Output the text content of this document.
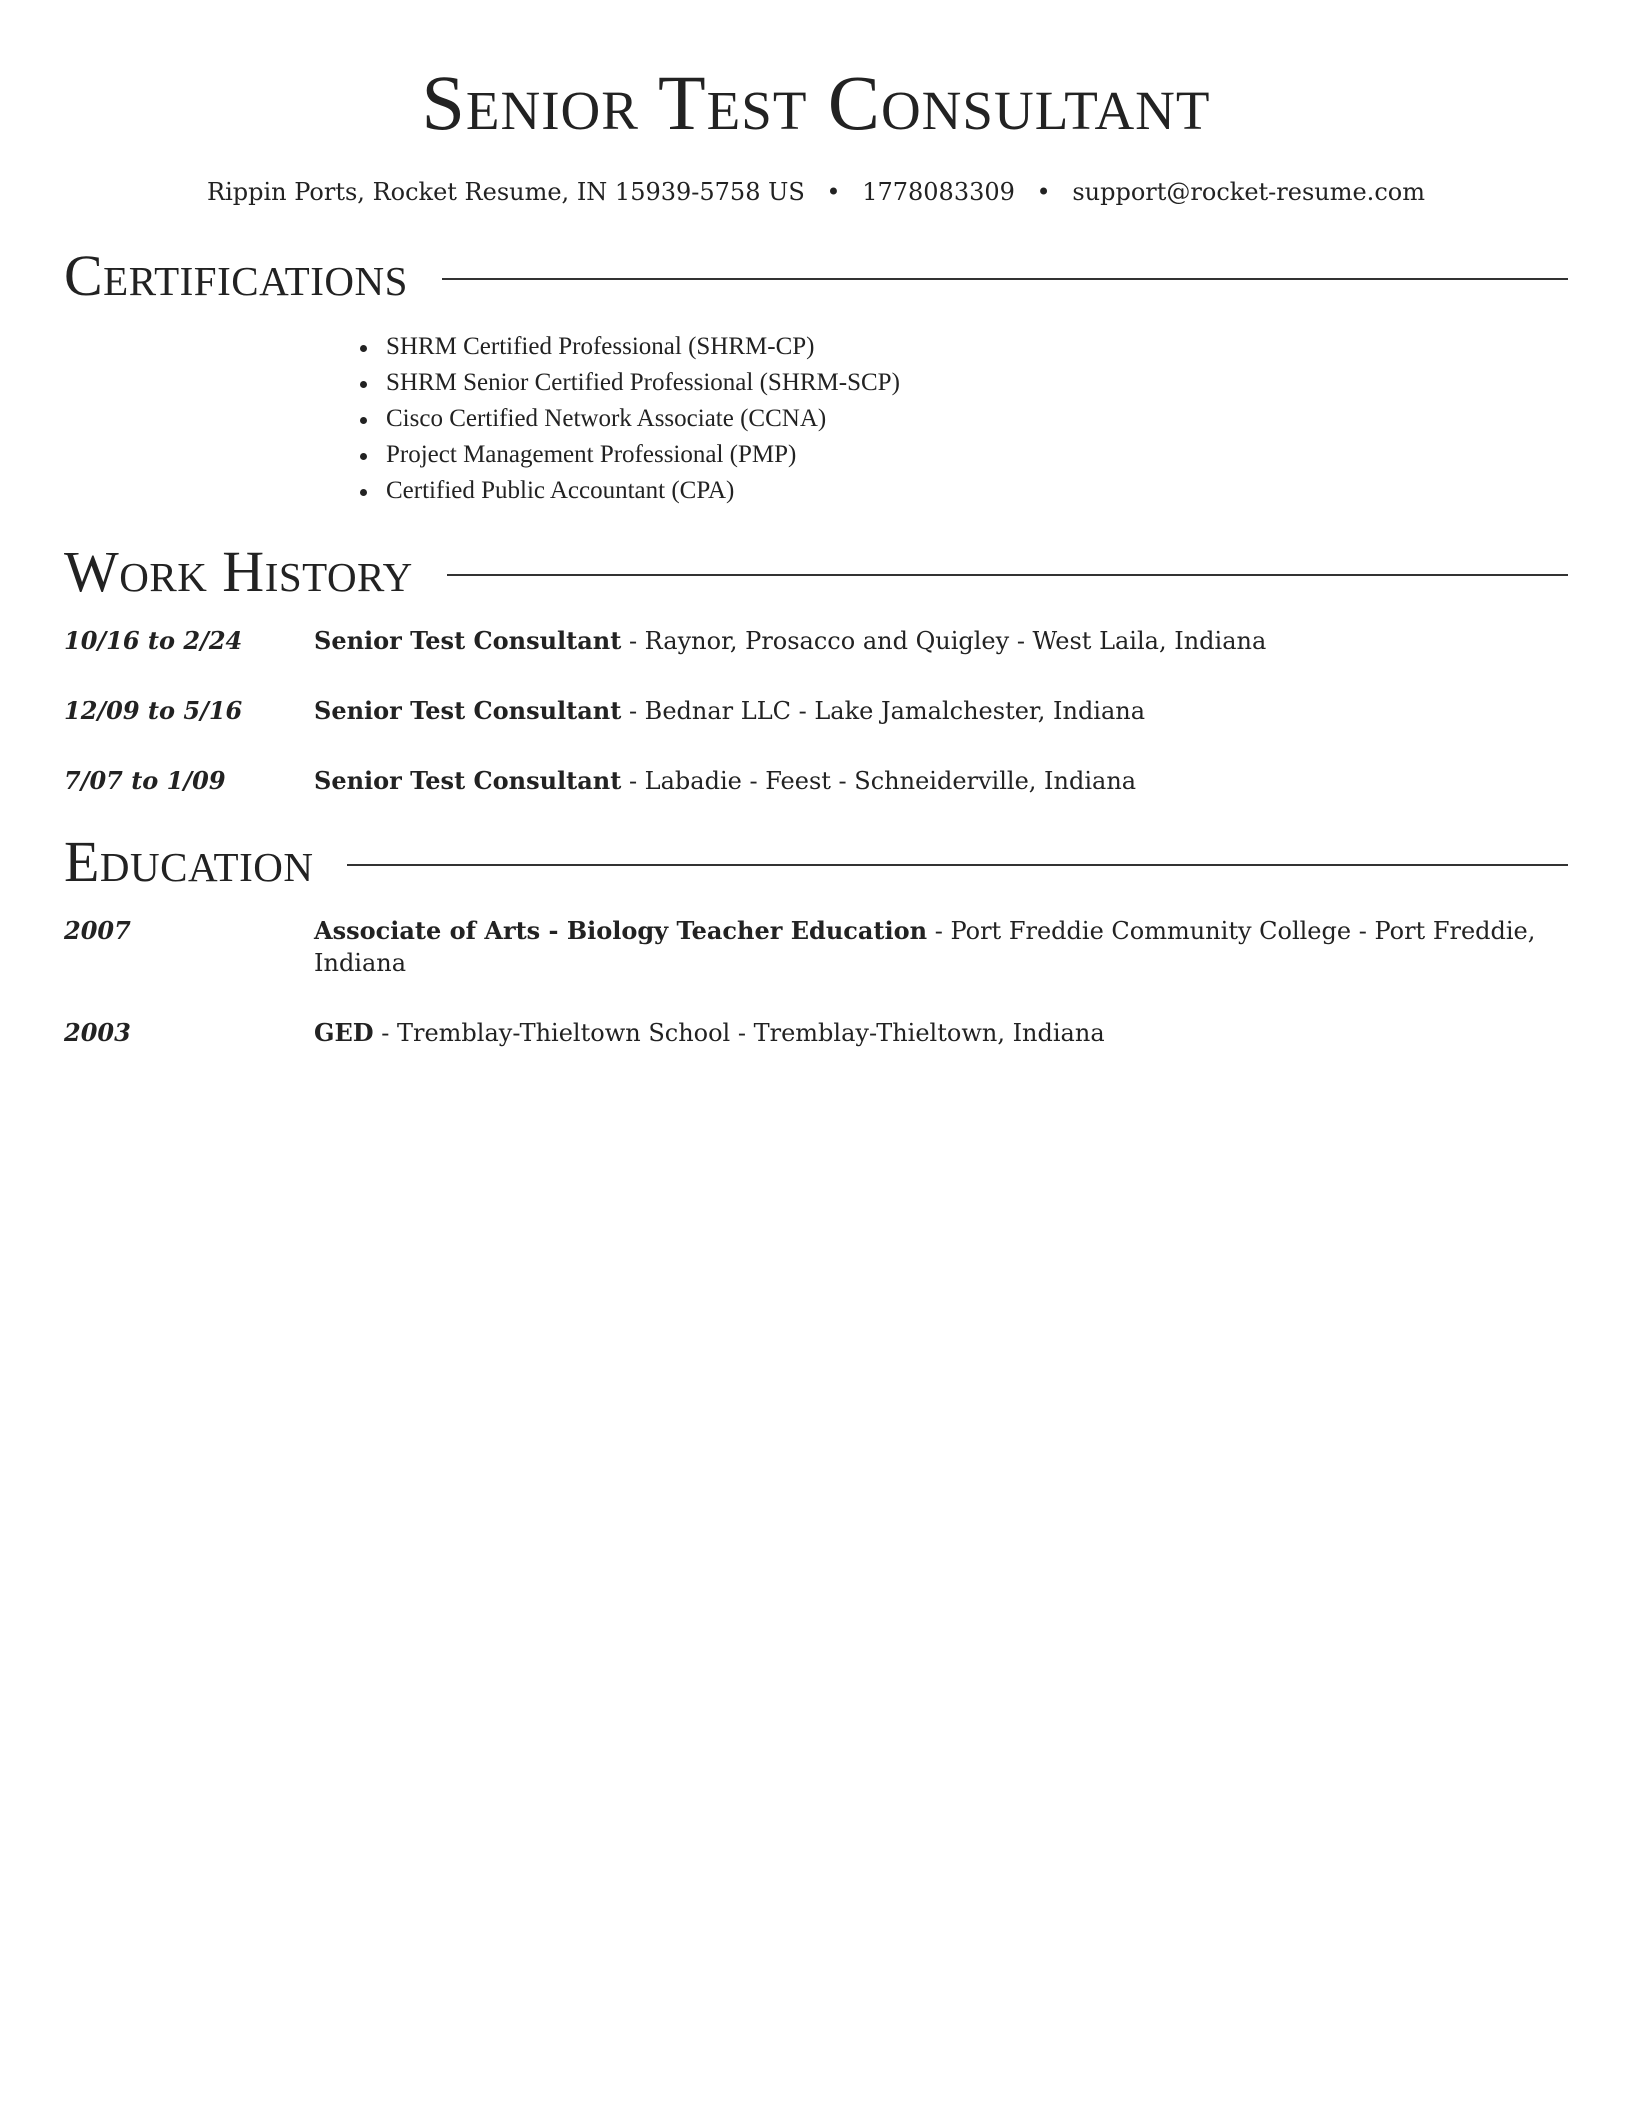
Senior Test Consultant
Rippin Ports, Rocket Resume, IN 15939-5758 US • 1778083309 • support@rocket-resume.com
Certifications
SHRM Certified Professional (SHRM-CP)
SHRM Senior Certified Professional (SHRM-SCP)
Cisco Certified Network Associate (CCNA)
Project Management Professional (PMP)
Certified Public Accountant (CPA)
Work History
10/16 to 2/24	Senior Test Consultant - Raynor, Prosacco and Quigley - West Laila, Indiana
12/09 to 5/16	Senior Test Consultant - Bednar LLC - Lake Jamalchester, Indiana
7/07 to 1/09	Senior Test Consultant - Labadie - Feest - Schneiderville, Indiana
Education
2007	Associate of Arts - Biology Teacher Education - Port Freddie Community College - Port Freddie, Indiana
2003	GED - Tremblay-Thieltown School - Tremblay-Thieltown, Indiana
